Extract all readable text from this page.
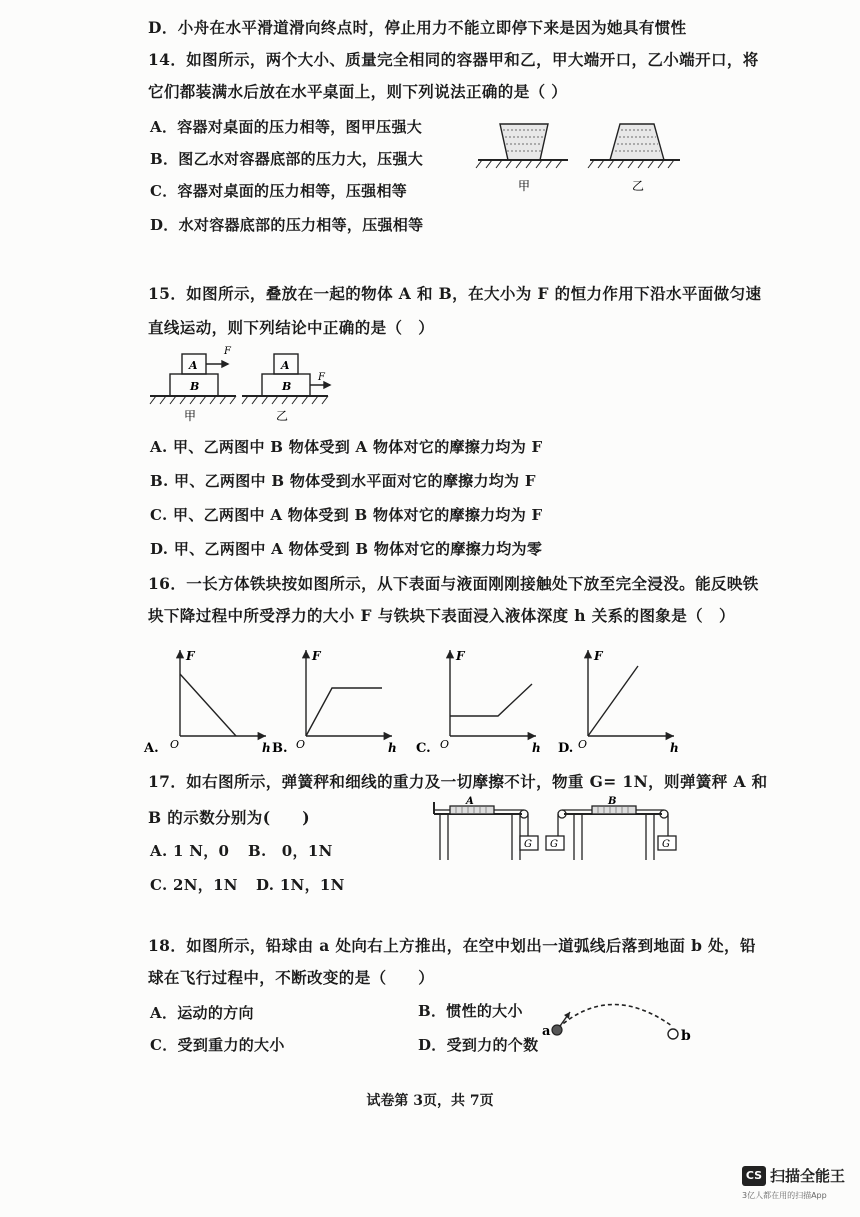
D．小舟在水平滑道滑向终点时，停止用力不能立即停下来是因为她具有惯性
14．如图所示，两个大小、质量完全相同的容器甲和乙，甲大端开口，乙小端开口，将
它们都装满水后放在水平桌面上，则下列说法正确的是（ ）
A．容器对桌面的压力相等，图甲压强大
B．图乙水对容器底部的压力大，压强大
C．容器对桌面的压力相等，压强相等
D．水对容器底部的压力相等，压强相等
甲	乙
15．如图所示，叠放在一起的物体 A 和 B，在大小为 F 的恒力作用下沿水平面做匀速
直线运动，则下列结论中正确的是（　）
A
B
F
A
B
F
甲	乙
A. 甲、乙两图中 B 物体受到 A 物体对它的摩擦力均为 F
B. 甲、乙两图中 B 物体受到水平面对它的摩擦力均为 F
C. 甲、乙两图中 A 物体受到 B 物体对它的摩擦力均为 F
D. 甲、乙两图中 A 物体受到 B 物体对它的摩擦力均为零
16．一长方体铁块按如图所示，从下表面与液面刚刚接触处下放至完全浸没。能反映铁
块下降过程中所受浮力的大小 F 与铁块下表面浸入液体深度 h 关系的图象是（　）
A. O
F
h B. O
F
h C. O
F
h D. O
F
h
17．如右图所示，弹簧秤和细线的重力及一切摩擦不计，物重 G= 1N，则弹簧秤 A 和
B 的示数分别为(　　)
A. 1 N，0 B.　0，1N
C. 2N，1N D. 1N，1N
A	B
G G	G
18．如图所示，铅球由 a 处向右上方推出，在空中划出一道弧线后落到地面 b 处，铅
球在飞行过程中，不断改变的是（　　）
A．运动的方向	B．惯性的大小
C．受到重力的大小	D．受到力的个数
a	b
试卷第 3页，共 7页
CS 扫描全能王
3亿人都在用的扫描App
